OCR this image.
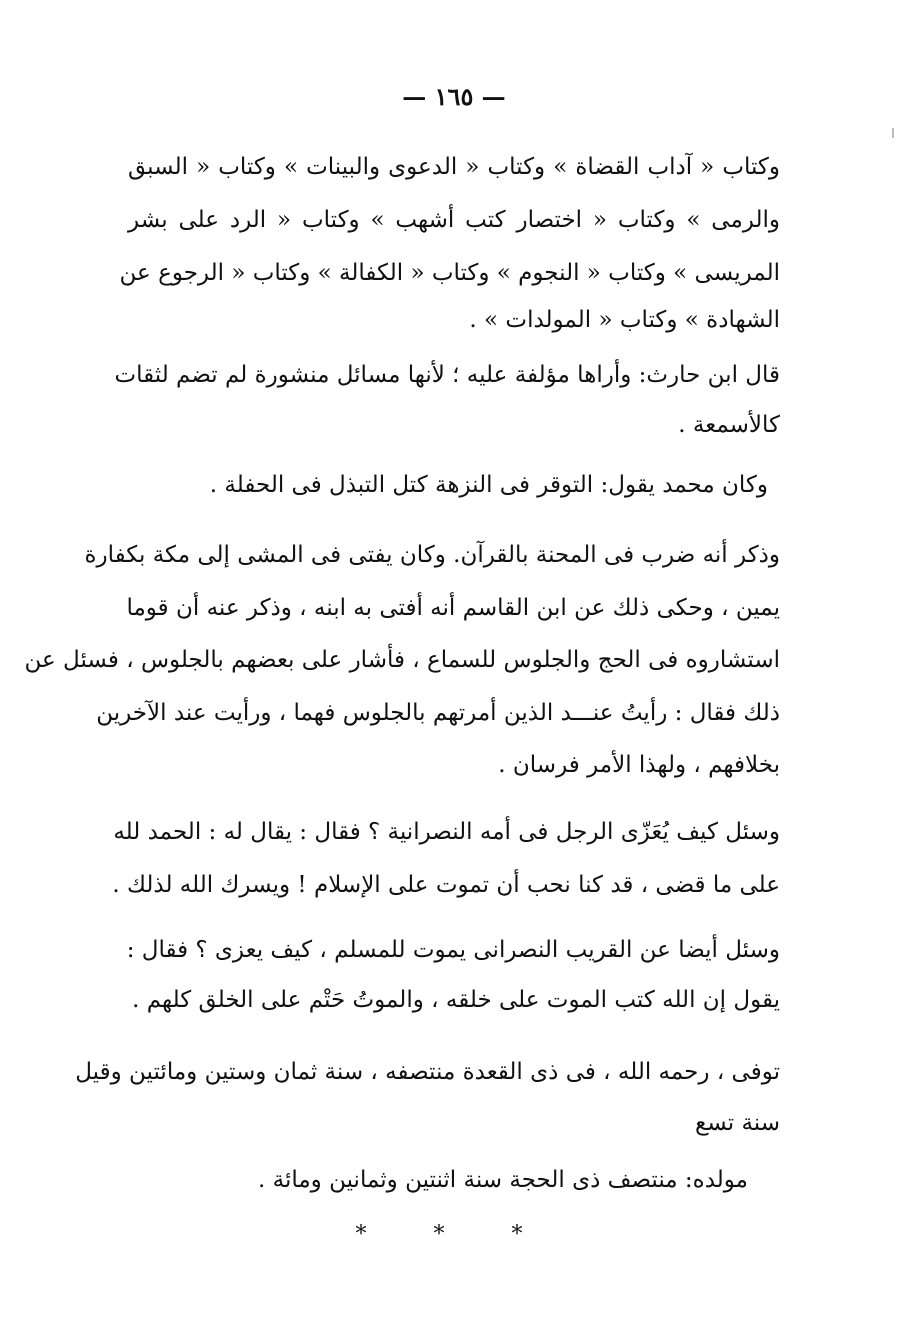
— ١٦٥ —
وكتاب « آداب القضاة » وكتاب « الدعوى والبينات » وكتاب « السبق
والرمى » وكتاب « اختصار كتب أشهب » وكتاب « الرد على بشر
المريسى » وكتاب « النجوم » وكتاب « الكفالة » وكتاب « الرجوع عن
الشهادة » وكتاب « المولدات » .
قال ابن حارث: وأراها مؤلفة عليه ؛ لأنها مسائل منشورة لم تضم لثقات
كالأسمعة .
وكان محمد يقول: التوقر فى النزهة كتل التبذل فى الحفلة .
وذكر أنه ضرب فى المحنة بالقرآن. وكان يفتى فى المشى إلى مكة بكفارة
يمين ، وحكى ذلك عن ابن القاسم أنه أفتى به ابنه ، وذكر عنه أن قوما
استشاروه فى الحج والجلوس للسماع ، فأشار على بعضهم بالجلوس ، فسئل عن
ذلك فقال : رأيتُ عنـــد الذين أمرتهم بالجلوس فهما ، ورأيت عند الآخرين
بخلافهم ، ولهذا الأمر فرسان .
وسئل كيف يُعَزّى الرجل فى أمه النصرانية ؟ فقال : يقال له : الحمد لله
على ما قضى ، قد كنا نحب أن تموت على الإسلام ! ويسرك الله لذلك .
وسئل أيضا عن القريب النصرانى يموت للمسلم ، كيف يعزى ؟ فقال :
يقول إن الله كتب الموت على خلقه ، والموتُ حَتْم على الخلق كلهم .
توفى ، رحمه الله ، فى ذى القعدة منتصفه ، سنة ثمان وستين ومائتين وقيل
سنة تسع
مولده: منتصف ذى الحجة سنة اثنتين وثمانين ومائة .
* * *
